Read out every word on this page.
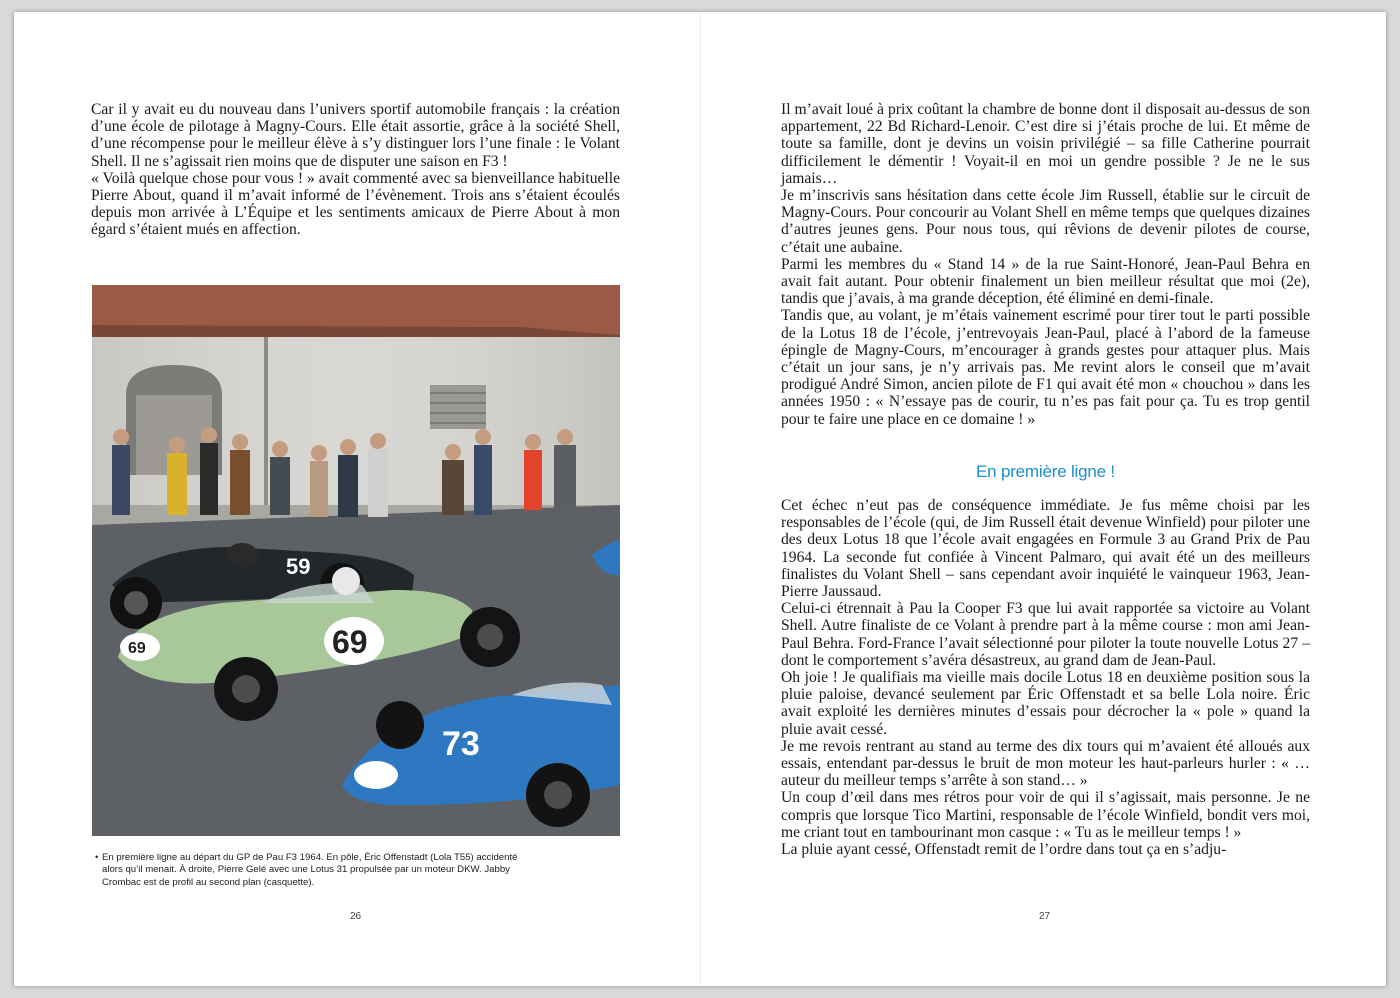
Car il y avait eu du nouveau dans l’univers sportif automobile français : la création d’une école de pilotage à Magny-Cours. Elle était assortie, grâce à la société Shell, d’une récompense pour le meilleur élève à s’y distinguer lors l’une finale : le Volant Shell. Il ne s’agissait rien moins que de disputer une saison en F3 !

« Voilà quelque chose pour vous ! » avait commenté avec sa bienveillance habituelle Pierre About, quand il m’avait informé de l’évènement. Trois ans s’étaient écoulés depuis mon arrivée à L’Équipe et les sentiments amicaux de Pierre About à mon égard s’étaient mués en affection.

59
69	69
73
• En première ligne au départ du GP de Pau F3 1964. En pôle, Éric Offenstadt (Lola T55) accidenté alors qu’il menait. À droite, Pierre Gelé avec une Lotus 31 propulsée par un moteur DKW. Jabby Crombac est de profil au second plan (casquette).
26

Il m’avait loué à prix coûtant la chambre de bonne dont il disposait au-dessus de son appartement, 22 Bd Richard-Lenoir. C’est dire si j’étais proche de lui. Et même de toute sa famille, dont je devins un voisin privilégié – sa fille Catherine pourrait difficilement le démentir ! Voyait-il en moi un gendre possible ? Je ne le sus jamais…

Je m’inscrivis sans hésitation dans cette école Jim Russell, établie sur le circuit de Magny-Cours. Pour concourir au Volant Shell en même temps que quelques dizaines d’autres jeunes gens. Pour nous tous, qui rêvions de devenir pilotes de course, c’était une aubaine.

Parmi les membres du « Stand 14 » de la rue Saint-Honoré, Jean-Paul Behra en avait fait autant. Pour obtenir finalement un bien meilleur résultat que moi (2e), tandis que j’avais, à ma grande déception, été éliminé en demi-finale.

Tandis que, au volant, je m’étais vainement escrimé pour tirer tout le parti possible de la Lotus 18 de l’école, j’entrevoyais Jean-Paul, placé à l’abord de la fameuse épingle de Magny-Cours, m’encourager à grands gestes pour attaquer plus. Mais c’était un jour sans, je n’y arrivais pas. Me revint alors le conseil que m’avait prodigué André Simon, ancien pilote de F1 qui avait été mon « chouchou » dans les années 1950 : « N’essaye pas de courir, tu n’es pas fait pour ça. Tu es trop gentil pour te faire une place en ce domaine ! »

En première ligne !

Cet échec n’eut pas de conséquence immédiate. Je fus même choisi par les responsables de l’école (qui, de Jim Russell était devenue Winfield) pour piloter une des deux Lotus 18 que l’école avait engagées en Formule 3 au Grand Prix de Pau 1964. La seconde fut confiée à Vincent Palmaro, qui avait été un des meilleurs finalistes du Volant Shell – sans cependant avoir inquiété le vainqueur 1963, Jean-Pierre Jaussaud.

Celui-ci étrennait à Pau la Cooper F3 que lui avait rapportée sa victoire au Volant Shell. Autre finaliste de ce Volant à prendre part à la même course : mon ami Jean-Paul Behra. Ford-France l’avait sélectionné pour piloter la toute nouvelle Lotus 27 – dont le comportement s’avéra désastreux, au grand dam de Jean-Paul.

Oh joie ! Je qualifiais ma vieille mais docile Lotus 18 en deuxième position sous la pluie paloise, devancé seulement par Éric Offenstadt et sa belle Lola noire. Éric avait exploité les dernières minutes d’essais pour décrocher la « pole » quand la pluie avait cessé.

Je me revois rentrant au stand au terme des dix tours qui m’avaient été alloués aux essais, entendant par-dessus le bruit de mon moteur les haut-parleurs hurler : « … auteur du meilleur temps s’arrête à son stand… »

Un coup d’œil dans mes rétros pour voir de qui il s’agissait, mais personne. Je ne compris que lorsque Tico Martini, responsable de l’école Winfield, bondit vers moi, me criant tout en tambourinant mon casque : « Tu as le meilleur temps ! »

La pluie ayant cessé, Offenstadt remit de l’ordre dans tout ça en s’adju-

27
